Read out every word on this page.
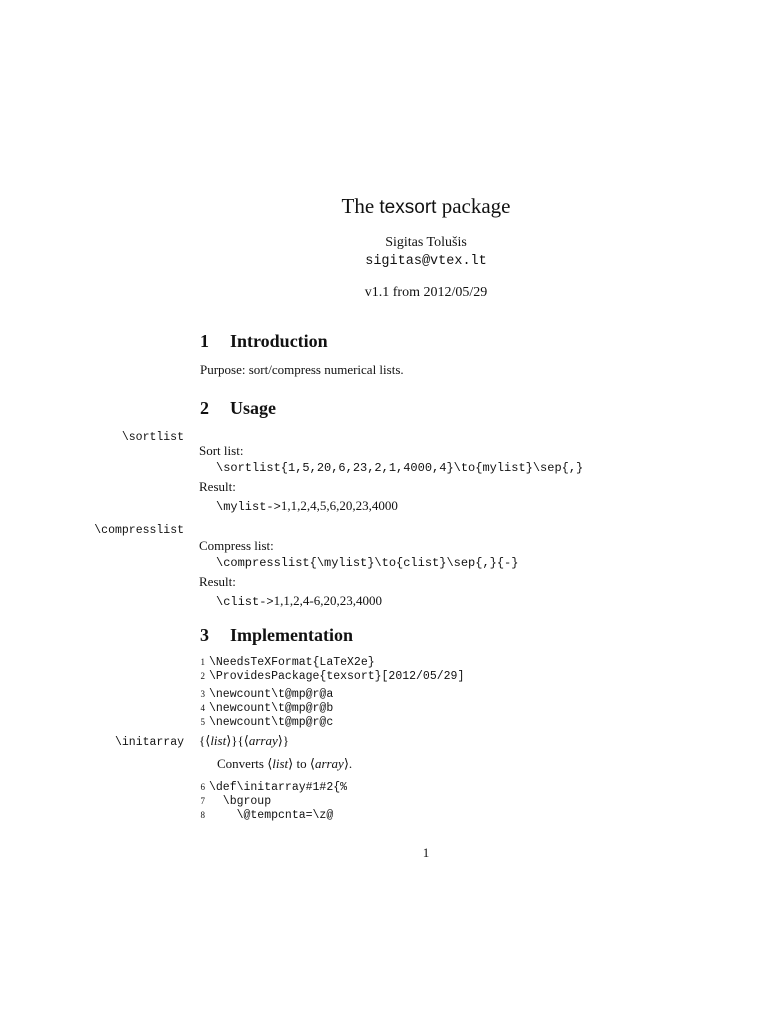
The texsort package
Sigitas Tolušis
sigitas@vtex.lt
v1.1 from 2012/05/29
1 Introduction
Purpose: sort/compress numerical lists.
2 Usage
\sortlist
Sort list:
\sortlist{1,5,20,6,23,2,1,4000,4}\to{mylist}\sep{,}
Result:
\mylist->1,1,2,4,5,6,20,23,4000
\compresslist
Compress list:
\compresslist{\mylist}\to{clist}\sep{,}{-}
Result:
\clist->1,1,2,4-6,20,23,4000
3 Implementation
1 \NeedsTeXFormat{LaTeX2e}
2 \ProvidesPackage{texsort}[2012/05/29]
3 \newcount\t@mp@r@a
4 \newcount\t@mp@r@b
5 \newcount\t@mp@r@c
\initarray {⟨list⟩}{⟨array⟩}
Converts ⟨list⟩ to ⟨array⟩.
6 \def\initarray#1#2{%
7  \bgroup
8    \@tempcnta=\z@
1
